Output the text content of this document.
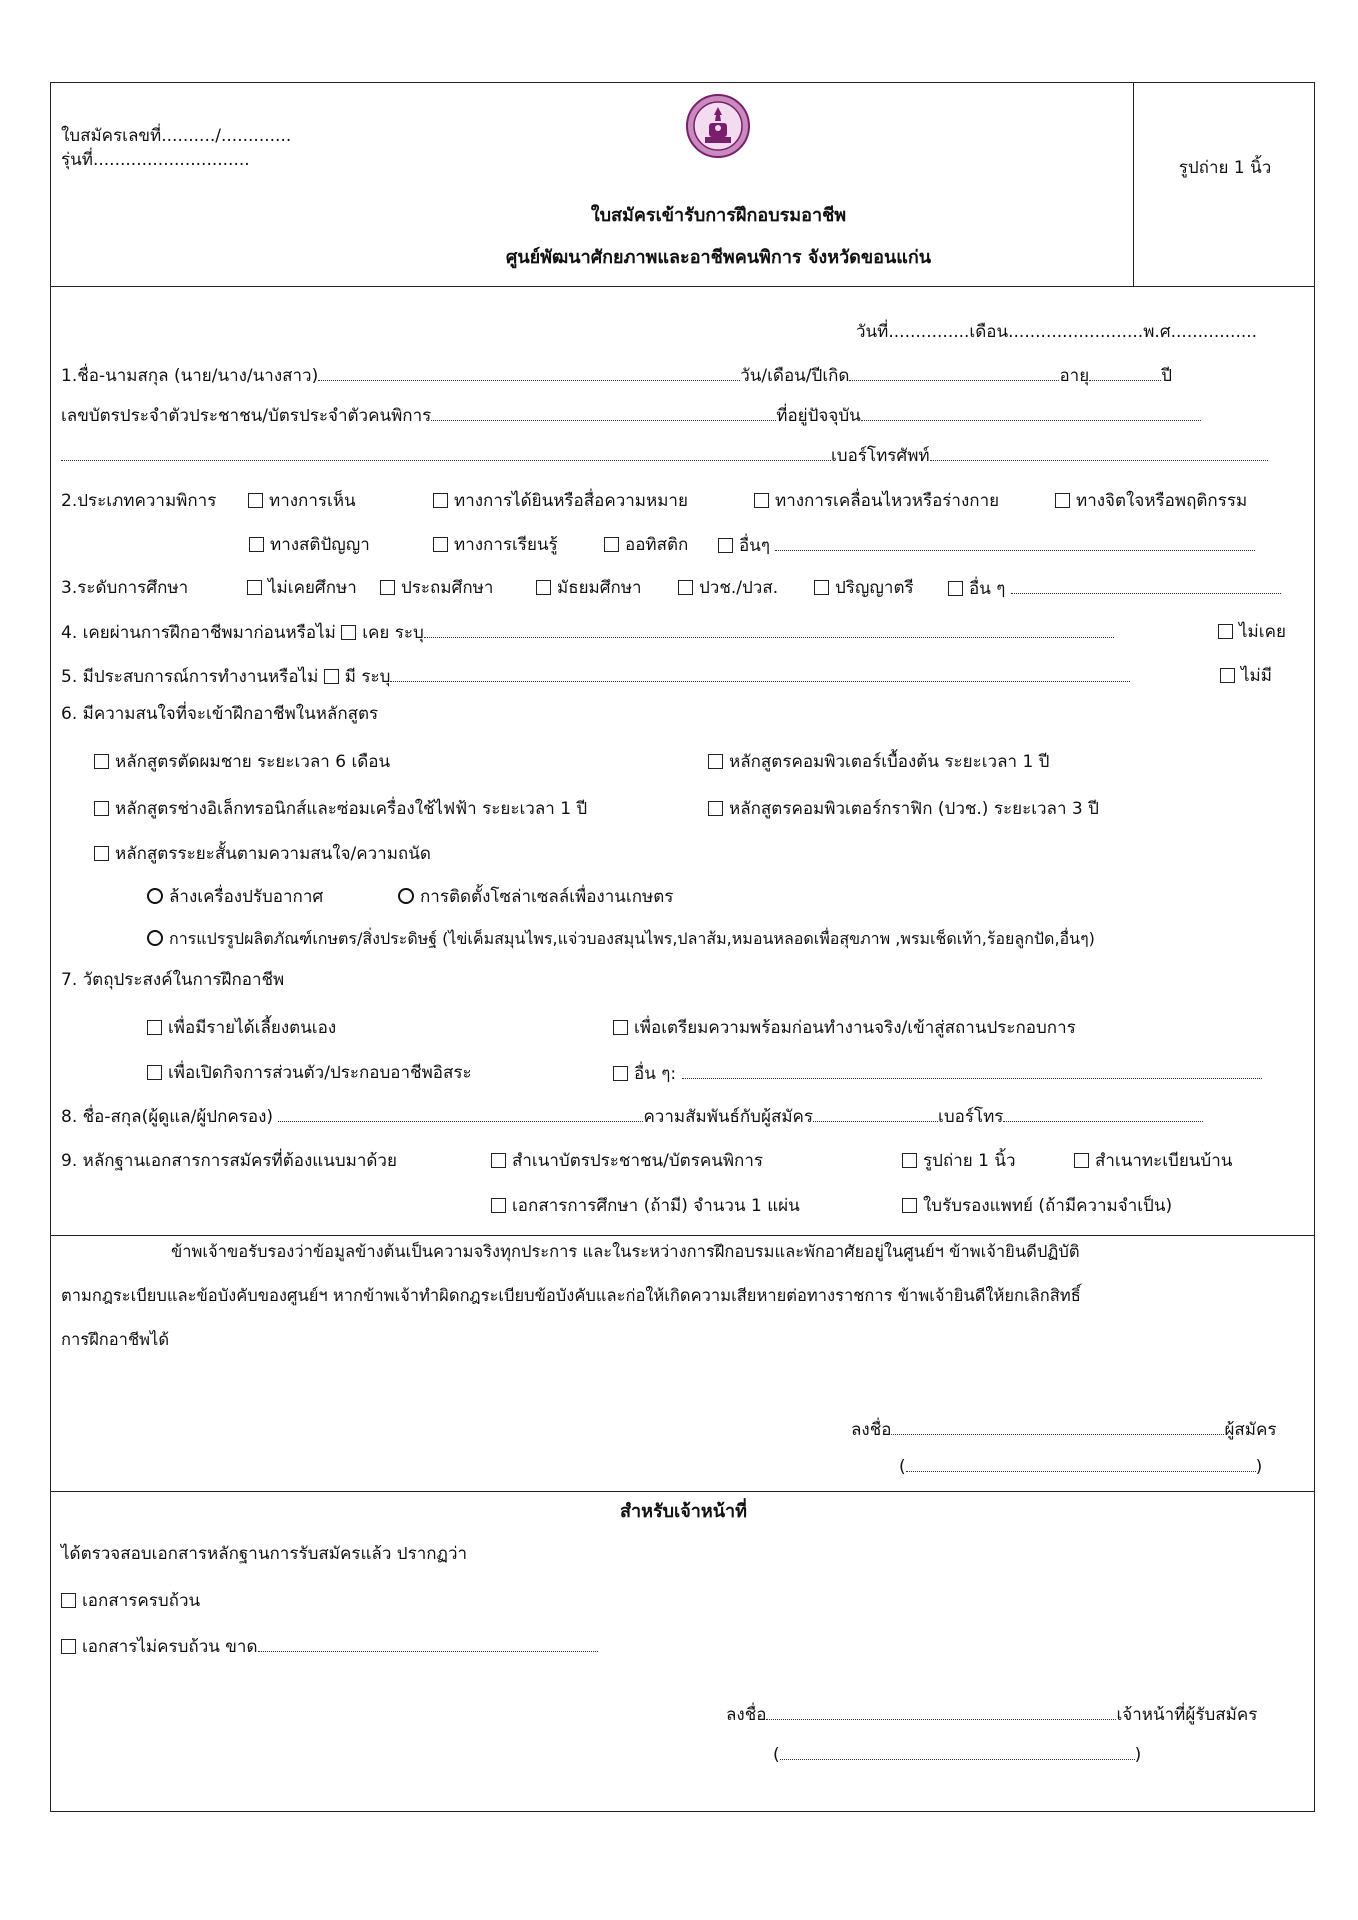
ใบสมัครเลขที่........../.............
รุ่นที่.............................
ใบสมัครเข้ารับการฝึกอบรมอาชีพ
ศูนย์พัฒนาศักยภาพและอาชีพคนพิการ จังหวัดขอนแก่น
รูปถ่าย 1 นิ้ว
วันที่...............เดือน.........................พ.ศ................
1.ชื่อ-นามสกุล (นาย/นาง/นางสาว)	วัน/เดือน/ปีเกิด	อายุ	ปี
เลขบัตรประจำตัวประชาชน/บัตรประจำตัวคนพิการ	ที่อยู่ปัจจุบัน
เบอร์โทรศัพท์
2.ประเภทความพิการ	ทางการเห็น	ทางการได้ยินหรือสื่อความหมาย	ทางการเคลื่อนไหวหรือร่างกาย	ทางจิตใจหรือพฤติกรรม
ทางสติปัญญา	ทางการเรียนรู้	ออทิสติก	อื่นๆ
3.ระดับการศึกษา	ไม่เคยศึกษา	ประถมศึกษา	มัธยมศึกษา	ปวช./ปวส.	ปริญญาตรี	อื่น ๆ
4. เคยผ่านการฝึกอาชีพมาก่อนหรือไม่ เคย ระบุ	ไม่เคย
5. มีประสบการณ์การทำงานหรือไม่ มี ระบุ	ไม่มี
6. มีความสนใจที่จะเข้าฝึกอาชีพในหลักสูตร
หลักสูตรตัดผมชาย ระยะเวลา 6 เดือน	หลักสูตรคอมพิวเตอร์เบื้องต้น ระยะเวลา 1 ปี
หลักสูตรช่างอิเล็กทรอนิกส์และซ่อมเครื่องใช้ไฟฟ้า ระยะเวลา 1 ปี	หลักสูตรคอมพิวเตอร์กราฟิก (ปวช.) ระยะเวลา 3 ปี
หลักสูตรระยะสั้นตามความสนใจ/ความถนัด
ล้างเครื่องปรับอากาศ	การติดตั้งโซล่าเซลล์เพื่องานเกษตร
การแปรรูปผลิตภัณฑ์เกษตร/สิ่งประดิษฐ์ (ไข่เค็มสมุนไพร,แจ่วบองสมุนไพร,ปลาส้ม,หมอนหลอดเพื่อสุขภาพ ,พรมเช็ดเท้า,ร้อยลูกปัด,อื่นๆ)
7. วัตถุประสงค์ในการฝึกอาชีพ
เพื่อมีรายได้เลี้ยงตนเอง	เพื่อเตรียมความพร้อมก่อนทำงานจริง/เข้าสู่สถานประกอบการ
เพื่อเปิดกิจการส่วนตัว/ประกอบอาชีพอิสระ	อื่น ๆ:
8. ชื่อ-สกุล(ผู้ดูแล/ผู้ปกครอง)	ความสัมพันธ์กับผู้สมัคร	เบอร์โทร
9. หลักฐานเอกสารการสมัครที่ต้องแนบมาด้วย	สำเนาบัตรประชาชน/บัตรคนพิการ	รูปถ่าย 1 นิ้ว	สำเนาทะเบียนบ้าน
เอกสารการศึกษา (ถ้ามี) จำนวน 1 แผ่น	ใบรับรองแพทย์ (ถ้ามีความจำเป็น)
ข้าพเจ้าขอรับรองว่าข้อมูลข้างต้นเป็นความจริงทุกประการ และในระหว่างการฝึกอบรมและพักอาศัยอยู่ในศูนย์ฯ ข้าพเจ้ายินดีปฏิบัติ
ตามกฎระเบียบและข้อบังคับของศูนย์ฯ หากข้าพเจ้าทำผิดกฎระเบียบข้อบังคับและก่อให้เกิดความเสียหายต่อทางราชการ ข้าพเจ้ายินดีให้ยกเลิกสิทธิ์
การฝึกอาชีพได้
ลงชื่อ	ผู้สมัคร
(	)
สำหรับเจ้าหน้าที่
ได้ตรวจสอบเอกสารหลักฐานการรับสมัครแล้ว ปรากฏว่า
เอกสารครบถ้วน
เอกสารไม่ครบถ้วน ขาด
ลงชื่อ	เจ้าหน้าที่ผู้รับสมัคร
(	)
